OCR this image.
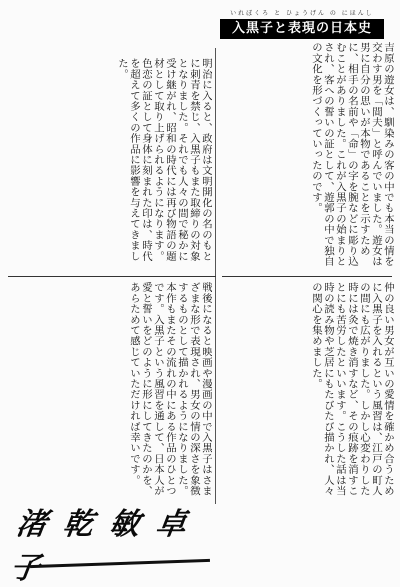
いれぼくろ と ひょうげん の にほんし
入黒子と表現の日本史
吉原の遊女は、馴染みの客の中でも本当の情を交わす男を「間夫」と呼んでいました。遊女は男に自分の思いが本物であることを示すために、相手の名前や「命」の字を腕などに彫り込むことがありました。これが入黒子の始まりとされ、客への誓いの証として、遊郭の中で独自の文化を形づくっていったのです。
仲の良い男女が互いの愛情を確かめ合うために入黒子を入れるという風習は、江戸の町人の間にも広がりました。しかし心変わりした時には灸で焼き消すなど、その痕跡を消すことにも苦労したといいます。こうした話は当時の読み物や芝居にもたびたび描かれ、人々の関心を集めました。
明治に入ると、政府は文明開化の名のもとに刺青を禁じ、入黒子もまた取締りの対象となりました。それでも人々の間で秘かに受け継がれ、昭和の時代には再び物語の題材として取り上げられるようになります。色恋の証として身体に刻まれた印は、時代を超えて多くの作品に影響を与えてきました。
戦後になると映画や漫画の中で入黒子はさまざまな形で表現され、男女の情の深さを象徴するものとして描かれるようになりました。本作もまたその流れの中にある作品のひとつです。入黒子という風習を通して、日本人が愛と誓いをどのように形にしてきたのかを、あらためて感じていただければ幸いです。
渚 乾 敏 卓 子
